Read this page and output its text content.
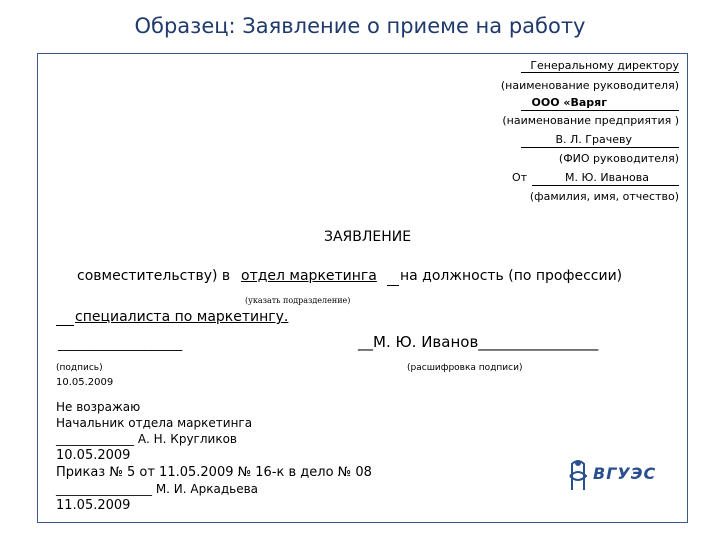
Образец: Заявление о приеме на работу
Генеральному директору
(наименование руководителя)
ООО «Варяг
(наименование предприятия )
В. Л. Грачеву
(ФИО руководителя)
От	М. Ю. Иванова
(фамилия, имя, отчество)
ЗАЯВЛЕНИЕ
совместительству) в отдел маркетинга на должность (по профессии)
(указать подразделение)
специалиста по маркетингу.
____________________	__М. Ю. Иванов________________
(подпись)	(расшифровка подписи)
10.05.2009
Не возражаю
Начальник отдела маркетинга
_____________ А. Н. Кругликов
10.05.2009
Приказ № 5 от 11.05.2009 № 16-к в дело № 08
________________ М. И. Аркадьева
11.05.2009
ВГУЭС
